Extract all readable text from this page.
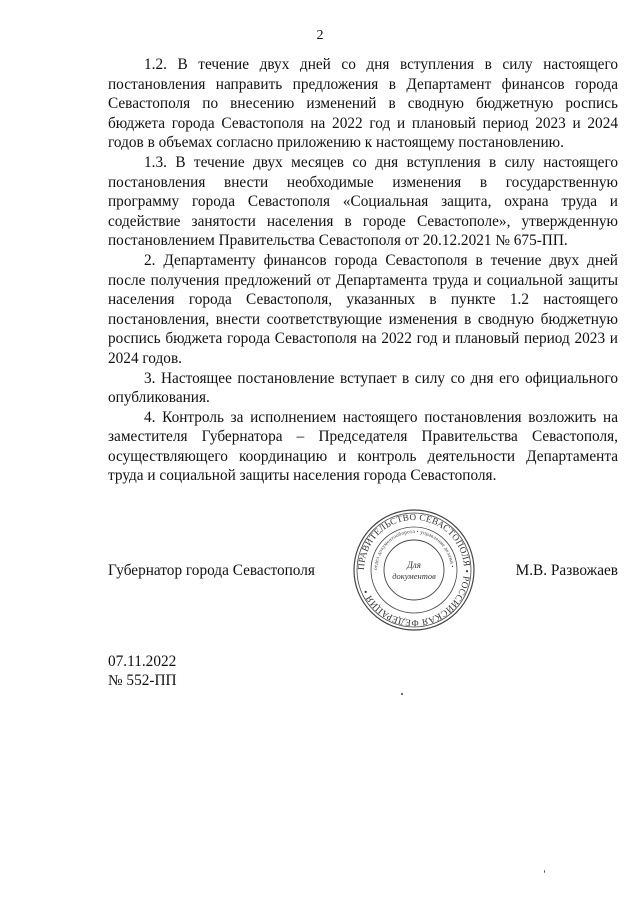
2

1.2. В течение двух дней со дня вступления в силу настоящего постановления направить предложения в Департамент финансов города Севастополя по внесению изменений в сводную бюджетную роспись бюджета города Севастополя на 2022 год и плановый период 2023 и 2024 годов в объемах согласно приложению к настоящему постановлению.

1.3. В течение двух месяцев со дня вступления в силу настоящего постановления внести необходимые изменения в государственную программу города Севастополя «Социальная защита, охрана труда и содействие занятости населения в городе Севастополе», утвержденную постановлением Правительства Севастополя от 20.12.2021 № 675-ПП.

2. Департаменту финансов города Севастополя в течение двух дней после получения предложений от Департамента труда и социальной защиты населения города Севастополя, указанных в пункте 1.2 настоящего постановления, внести соответствующие изменения в сводную бюджетную роспись бюджета города Севастополя на 2022 год и плановый период 2023 и 2024 годов.

3. Настоящее постановление вступает в силу со дня его официального опубликования.

4. Контроль за исполнением настоящего постановления возложить на заместителя Губернатора – Председателя Правительства Севастополя, осуществляющего координацию и контроль деятельности Департамента труда и социальной защиты населения города Севастополя.

Губернатор города Севастополя	М.В. Развожаев
ПРАВИТЕЛЬСТВО СЕВАСТОПОЛЯ • РОССИЙСКАЯ ФЕДЕРАЦИЯ •
отдел документооборота • управление делами •
Для
документов
07.11.2022
№ 552-ПП
